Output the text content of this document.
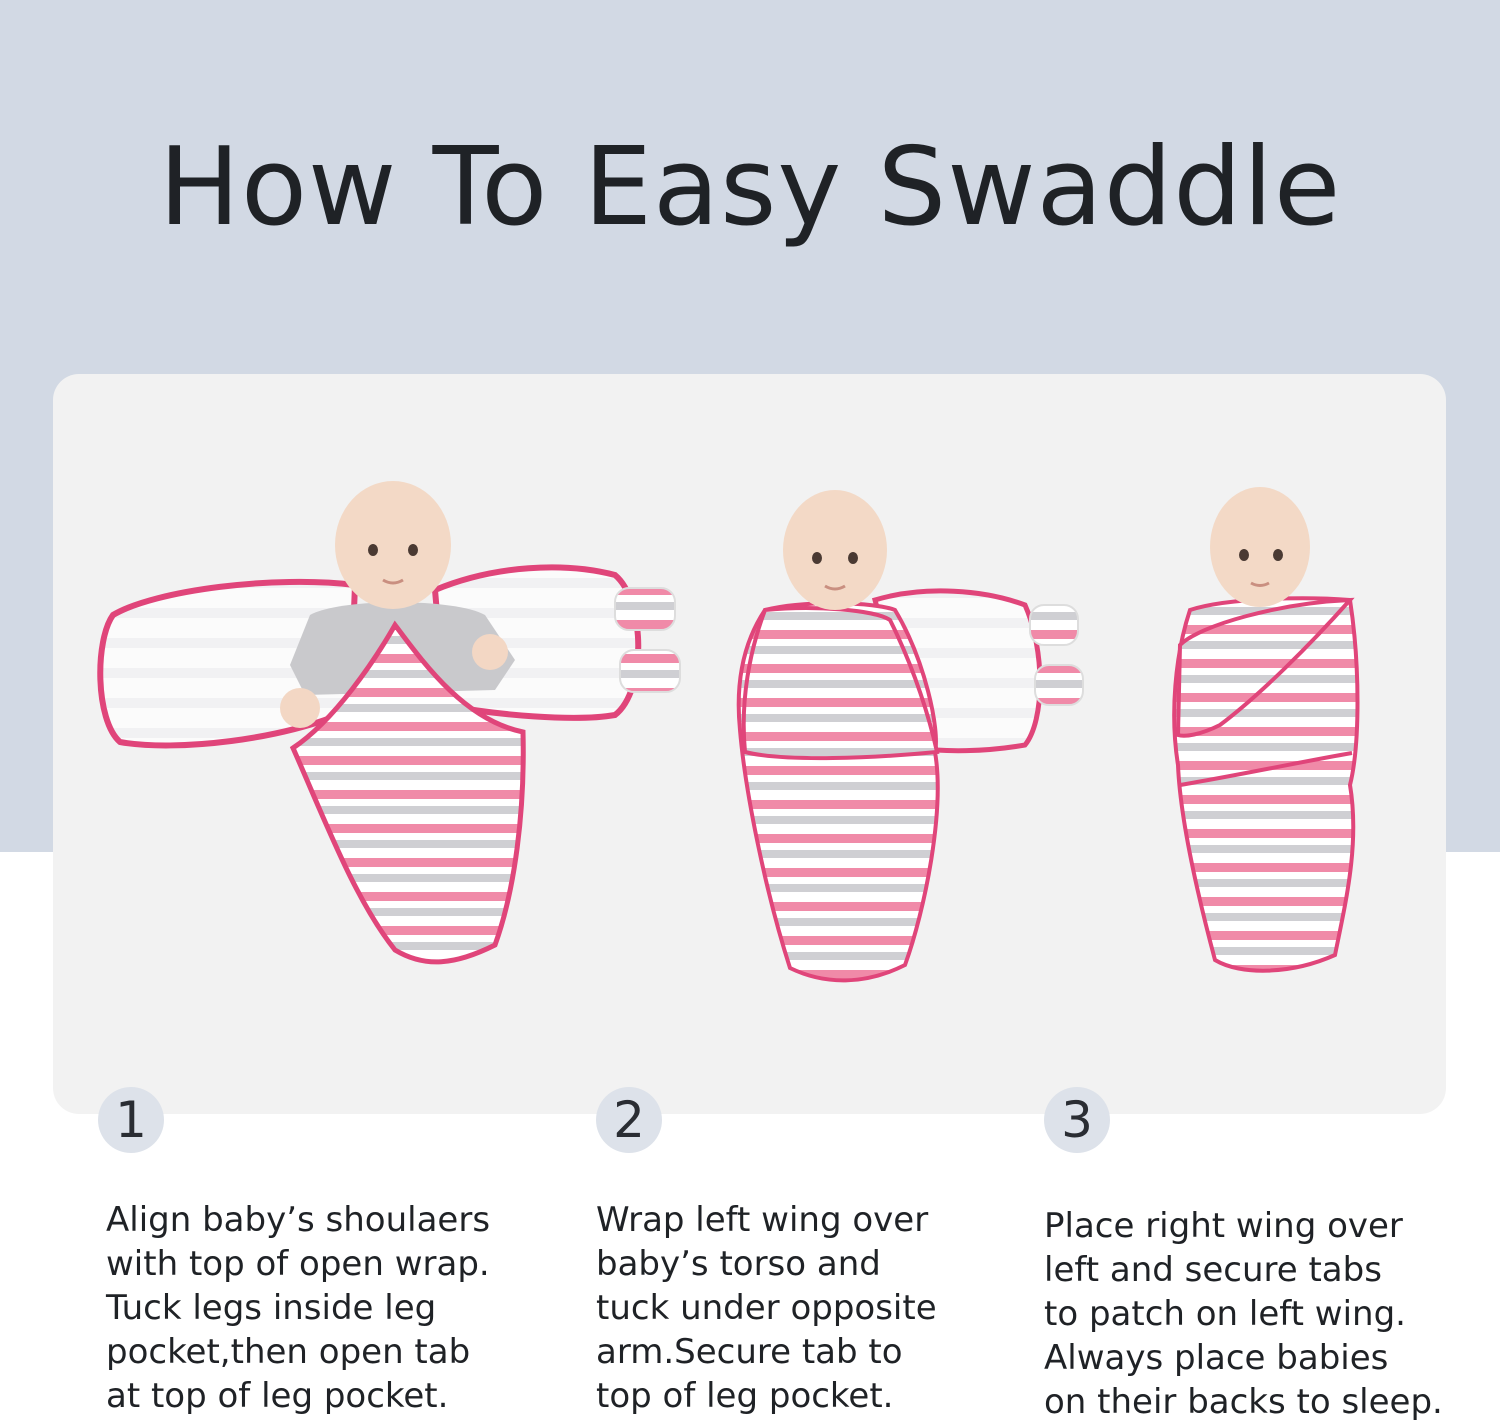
How To Easy Swaddle
1	2	3

Align baby’s shoulaers
with top of open wrap.
Tuck legs inside leg
pocket,then open tab
at top of leg pocket.

Wrap left wing over
baby’s torso and
tuck under opposite
arm.Secure tab to
top of leg pocket.

Place right wing over
left and secure tabs
to patch on left wing.
Always place babies
on their backs to sleep.
